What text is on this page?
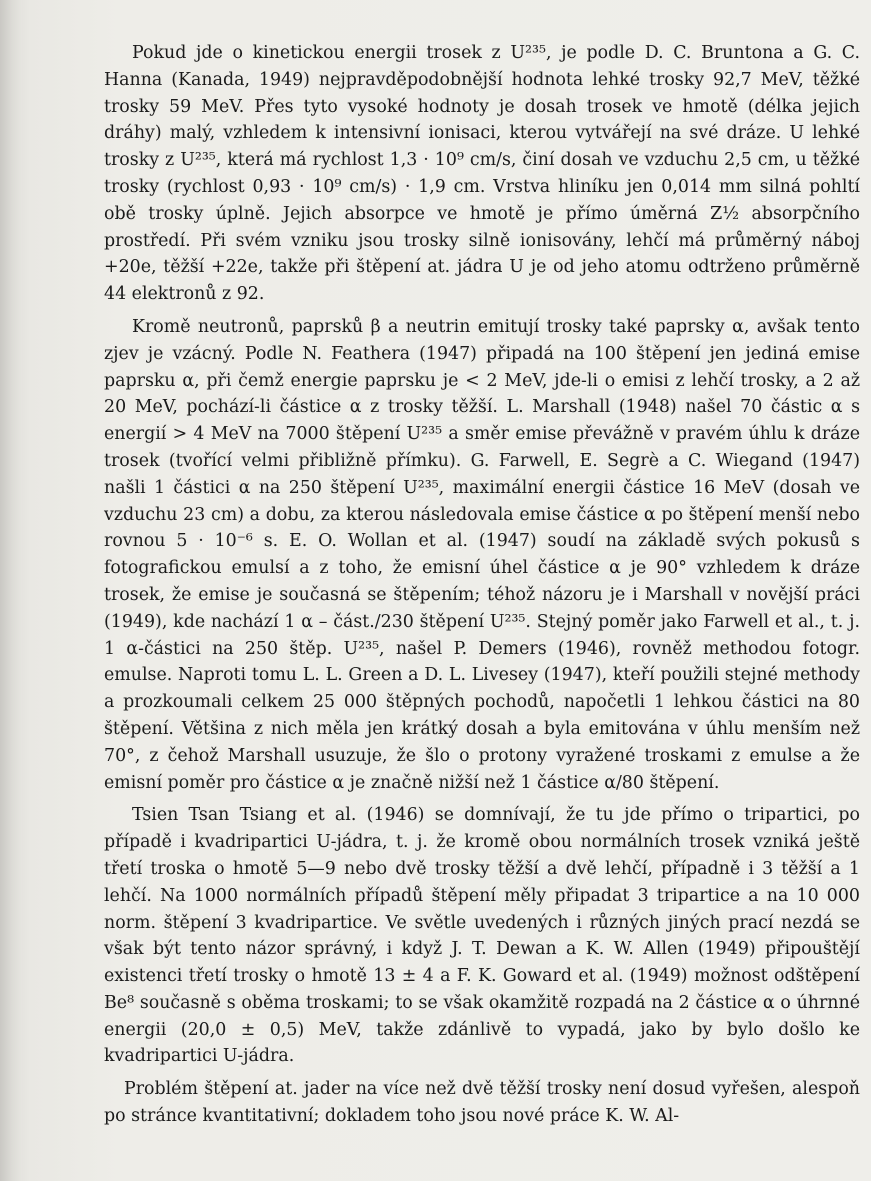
Pokud jde o kinetickou energii trosek z U²³⁵, je podle D. C. Bruntona a G. C. Hanna (Kanada, 1949) nejpravděpodobnější hodnota lehké trosky 92,7 MeV, těžké trosky 59 MeV. Přes tyto vysoké hodnoty je dosah trosek ve hmotě (délka jejich dráhy) malý, vzhledem k intensivní ionisaci, kterou vytvářejí na své dráze. U lehké trosky z U²³⁵, která má rychlost 1,3 · 10⁹ cm/s, činí dosah ve vzduchu 2,5 cm, u těžké trosky (rychlost 0,93 · 10⁹ cm/s) · 1,9 cm. Vrstva hliníku jen 0,014 mm silná pohltí obě trosky úplně. Jejich absorpce ve hmotě je přímo úměrná Z½ absorpčního prostředí. Při svém vzniku jsou trosky silně ionisovány, lehčí má průměrný náboj +20e, těžší +22e, takže při štěpení at. jádra U je od jeho atomu odtrženo průměrně 44 elektronů z 92.

Kromě neutronů, paprsků β a neutrin emitují trosky také paprsky α, avšak tento zjev je vzácný. Podle N. Feathera (1947) připadá na 100 štěpení jen jediná emise paprsku α, při čemž energie paprsku je < 2 MeV, jde-li o emisi z lehčí trosky, a 2 až 20 MeV, pochází-li částice α z trosky těžší. L. Marshall (1948) našel 70 částic α s energií > 4 MeV na 7000 štěpení U²³⁵ a směr emise převážně v pravém úhlu k dráze trosek (tvořící velmi přibližně přímku). G. Farwell, E. Segrè a C. Wiegand (1947) našli 1 částici α na 250 štěpení U²³⁵, maximální energii částice 16 MeV (dosah ve vzduchu 23 cm) a dobu, za kterou následovala emise částice α po štěpení menší nebo rovnou 5 · 10⁻⁶ s. E. O. Wollan et al. (1947) soudí na základě svých pokusů s fotografickou emulsí a z toho, že emisní úhel částice α je 90° vzhledem k dráze trosek, že emise je současná se štěpením; téhož názoru je i Marshall v novější práci (1949), kde nachází 1 α – část./230 štěpení U²³⁵. Stejný poměr jako Farwell et al., t. j. 1 α-částici na 250 štěp. U²³⁵, našel P. Demers (1946), rovněž methodou fotogr. emulse. Naproti tomu L. L. Green a D. L. Livesey (1947), kteří použili stejné methody a prozkoumali celkem 25 000 štěpných pochodů, napočetli 1 lehkou částici na 80 štěpení. Většina z nich měla jen krátký dosah a byla emitována v úhlu menším než 70°, z čehož Marshall usuzuje, že šlo o protony vyražené troskami z emulse a že emisní poměr pro částice α je značně nižší než 1 částice α/80 štěpení.

Tsien Tsan Tsiang et al. (1946) se domnívají, že tu jde přímo o tripartici, po případě i kvadripartici U-jádra, t. j. že kromě obou normálních trosek vzniká ještě třetí troska o hmotě 5—9 nebo dvě trosky těžší a dvě lehčí, případně i 3 těžší a 1 lehčí. Na 1000 normálních případů štěpení měly připadat 3 tripartice a na 10 000 norm. štěpení 3 kvadripartice. Ve světle uvedených i různých jiných prací nezdá se však být tento názor správný, i když J. T. Dewan a K. W. Allen (1949) připouštějí existenci třetí trosky o hmotě 13 ± 4 a F. K. Goward et al. (1949) možnost odštěpení Be⁸ současně s oběma troskami; to se však okamžitě rozpadá na 2 částice α o úhrnné energii (20,0 ± 0,5) MeV, takže zdánlivě to vypadá, jako by bylo došlo ke kvadripartici U-jádra.

Problém štěpení at. jader na více než dvě těžší trosky není dosud vyřešen, alespoň po stránce kvantitativní; dokladem toho jsou nové práce K. W. Al-
